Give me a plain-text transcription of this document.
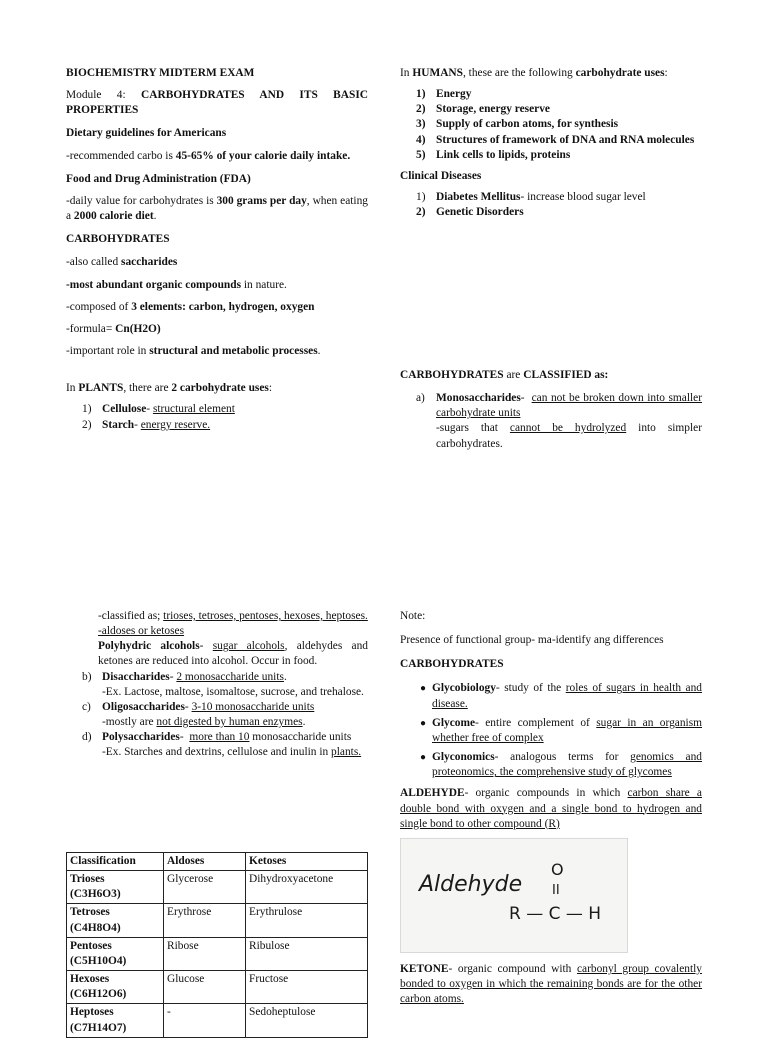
BIOCHEMISTRY MIDTERM EXAM

Module 4: CARBOHYDRATES AND ITS BASIC PROPERTIES

Dietary guidelines for Americans

-recommended carbo is 45-65% of your calorie daily intake.

Food and Drug Administration (FDA)

-daily value for carbohydrates is 300 grams per day, when eating a 2000 calorie diet.

CARBOHYDRATES

-also called saccharides

-most abundant organic compounds in nature.

-composed of 3 elements: carbon, hydrogen, oxygen

-formula= Cn(H2O)

-important role in structural and metabolic processes.

In PLANTS, there are 2 carbohydrate uses:

1) Cellulose- structural element
2) Starch- energy reserve.

In HUMANS, these are the following carbohydrate uses:

1) Energy
2) Storage, energy reserve
3) Supply of carbon atoms, for synthesis
4) Structures of framework of DNA and RNA molecules
5) Link cells to lipids, proteins

Clinical Diseases

1) Diabetes Mellitus- increase blood sugar level
2) Genetic Disorders

CARBOHYDRATES are CLASSIFIED as:

a) Monosaccharides- can not be broken down into smaller carbohydrate units
-sugars that cannot be hydrolyzed into simpler carbohydrates.

-classified as; trioses, tetroses, pentoses, hexoses, heptoses.

-aldoses or ketoses

Polyhydric alcohols- sugar alcohols, aldehydes and ketones are reduced into alcohol. Occur in food.

b) Disaccharides- 2 monosaccharide units.
-Ex. Lactose, maltose, isomaltose, sucrose, and trehalose.
c) Oligosaccharides- 3-10 monosaccharide units
-mostly are not digested by human enzymes.
d) Polysaccharides-  more than 10 monosaccharide units
-Ex. Starches and dextrins, cellulose and inulin in plants.
Classification	Aldoses	Ketoses
Trioses
(C3H6O3)	Glycerose	Dihydroxyacetone
Tetroses
(C4H8O4)	Erythrose	Erythrulose
Pentoses
(C5H10O4)	Ribose	Ribulose
Hexoses
(C6H12O6)	Glucose	Fructose
Heptoses
(C7H14O7)	-	Sedoheptulose

Note:

Presence of functional group- ma-identify ang differences

CARBOHYDRATES

● Glycobiology- study of the roles of sugars in health and disease.
● Glycome- entire complement of sugar in an organism whether free of complex
● Glyconomics- analogous terms for genomics and proteonomics, the comprehensive study of glycomes

ALDEHYDE- organic compounds in which carbon share a double bond with oxygen and a single bond to hydrogen and single bond to other compound (R)

Aldehyde
O
II
R — C — H

KETONE- organic compound with carbonyl group covalently bonded to oxygen in which the remaining bonds are for the other carbon atoms.
